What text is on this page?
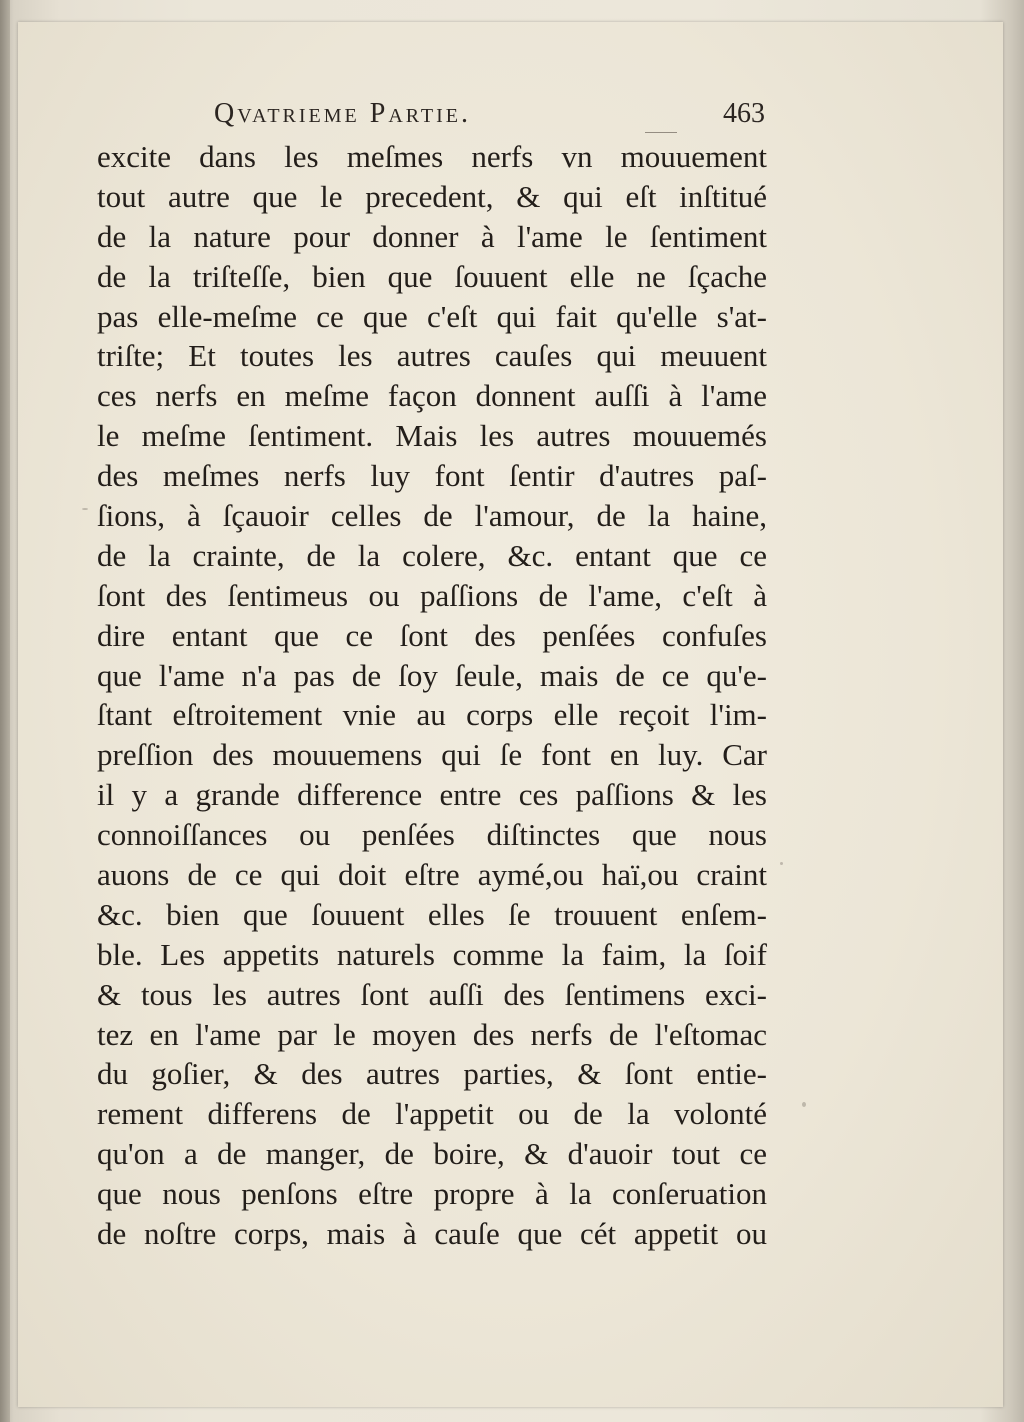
Qvatrieme Partie.	463
excite dans les meſmes nerfs vn mouuement
tout autre que le precedent, & qui eſt inſtitué
de la nature pour donner à l'ame le ſentiment
de la triſteſſe, bien que ſouuent elle ne ſçache
pas elle-meſme ce que c'eſt qui fait qu'elle s'at-
triſte; Et toutes les autres cauſes qui meuuent
ces nerfs en meſme façon donnent auſſi à l'ame
le meſme ſentiment. Mais les autres mouuemés
des meſmes nerfs luy font ſentir d'autres paſ-
ſions, à ſçauoir celles de l'amour, de la haine,
de la crainte, de la colere, &c. entant que ce
ſont des ſentimeus ou paſſions de l'ame, c'eſt à
dire entant que ce ſont des penſées confuſes
que l'ame n'a pas de ſoy ſeule, mais de ce qu'e-
ſtant eſtroitement vnie au corps elle reçoit l'im-
preſſion des mouuemens qui ſe font en luy. Car
il y a grande difference entre ces paſſions & les
connoiſſances ou penſées diſtinctes que nous
auons de ce qui doit eſtre aymé,ou haï,ou craint
&c. bien que ſouuent elles ſe trouuent enſem-
ble. Les appetits naturels comme la faim, la ſoif
& tous les autres ſont auſſi des ſentimens exci-
tez en l'ame par le moyen des nerfs de l'eſtomac
du goſier, & des autres parties, & ſont entie-
rement differens de l'appetit ou de la volonté
qu'on a de manger, de boire, & d'auoir tout ce
que nous penſons eſtre propre à la conſeruation
de noſtre corps, mais à cauſe que cét appetit ou
